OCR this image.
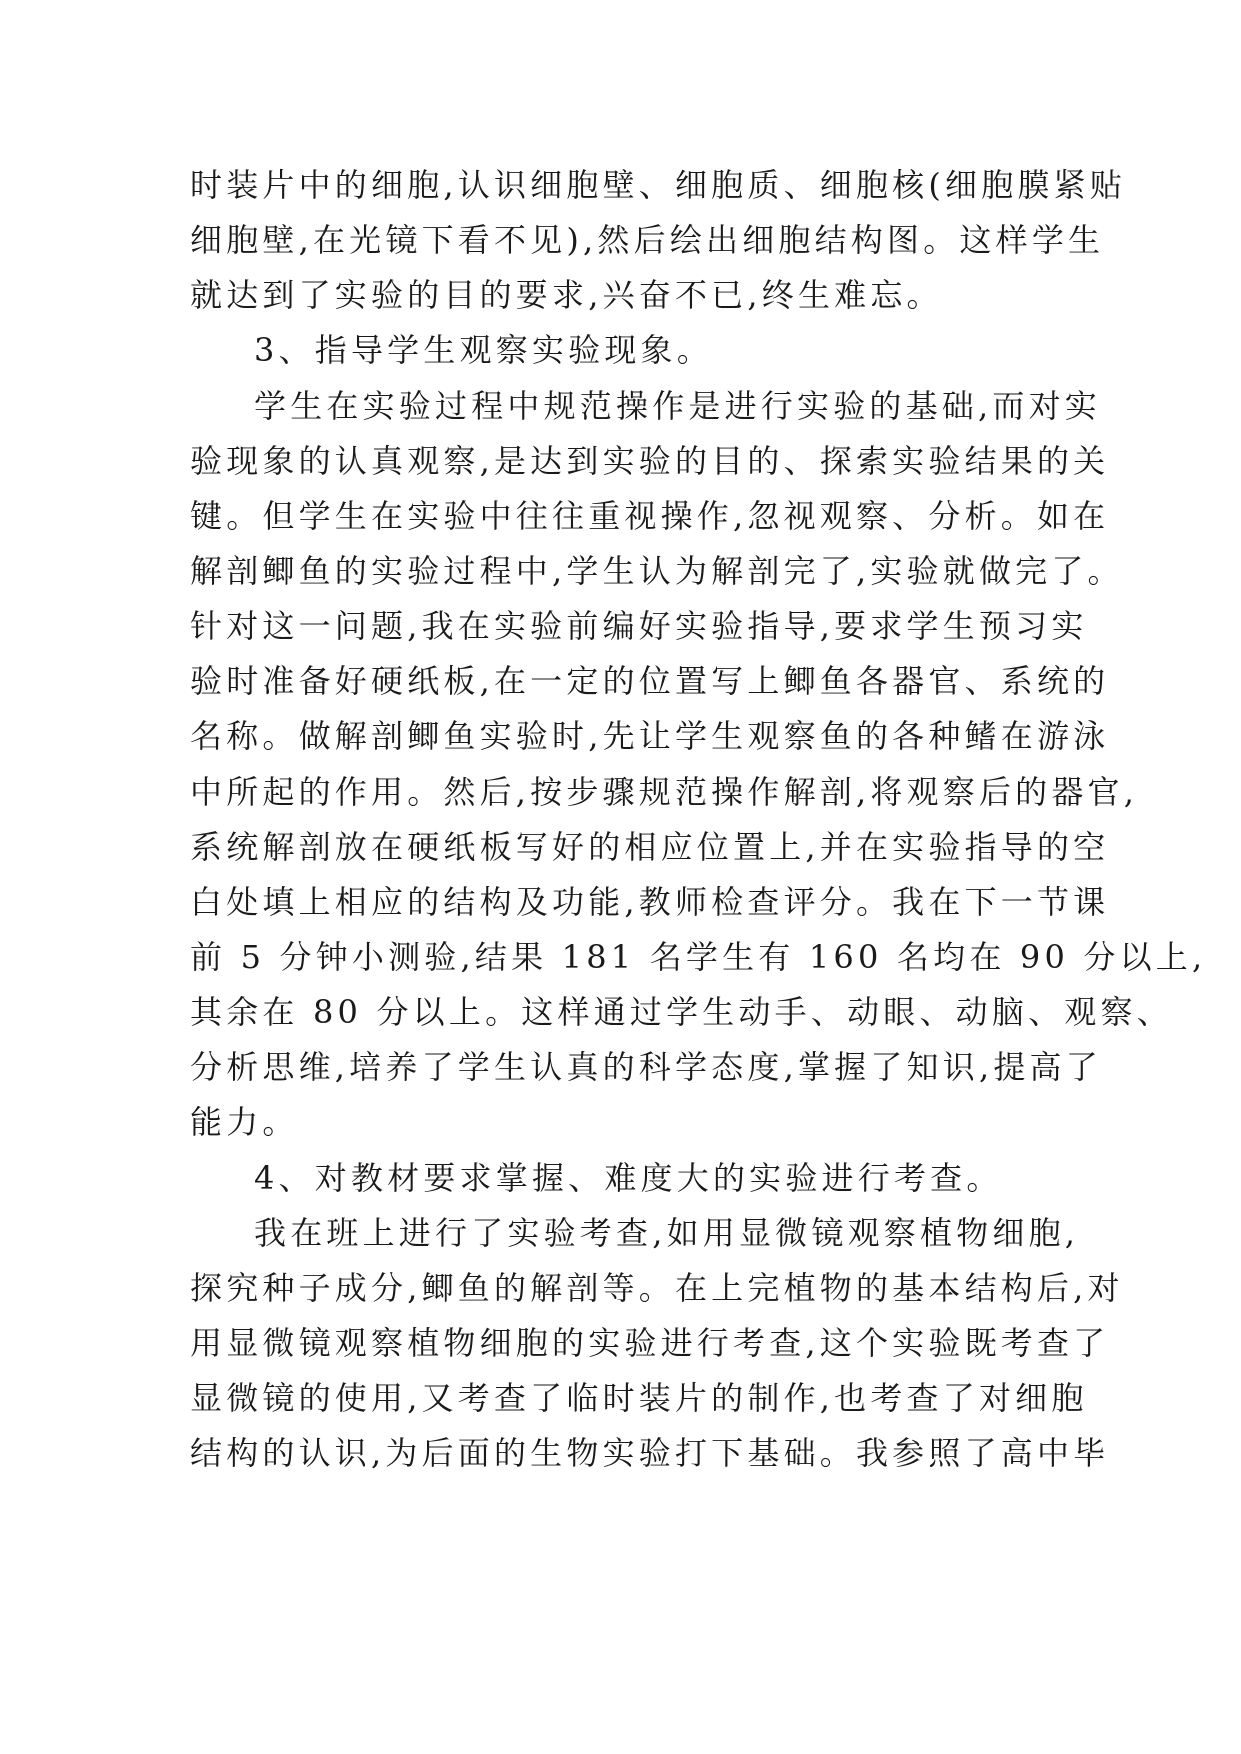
时装片中的细胞,认识细胞壁、细胞质、细胞核(细胞膜紧贴
细胞壁,在光镜下看不见),然后绘出细胞结构图。这样学生
就达到了实验的目的要求,兴奋不已,终生难忘。
3、指导学生观察实验现象。
学生在实验过程中规范操作是进行实验的基础,而对实
验现象的认真观察,是达到实验的目的、探索实验结果的关
键。但学生在实验中往往重视操作,忽视观察、分析。如在
解剖鲫鱼的实验过程中,学生认为解剖完了,实验就做完了。
针对这一问题,我在实验前编好实验指导,要求学生预习实
验时准备好硬纸板,在一定的位置写上鲫鱼各器官、系统的
名称。做解剖鲫鱼实验时,先让学生观察鱼的各种鳍在游泳
中所起的作用。然后,按步骤规范操作解剖,将观察后的器官,
系统解剖放在硬纸板写好的相应位置上,并在实验指导的空
白处填上相应的结构及功能,教师检查评分。我在下一节课
前 5 分钟小测验,结果 181 名学生有 160 名均在 90 分以上,
其余在 80 分以上。这样通过学生动手、动眼、动脑、观察、
分析思维,培养了学生认真的科学态度,掌握了知识,提高了
能力。
4、对教材要求掌握、难度大的实验进行考查。
我在班上进行了实验考查,如用显微镜观察植物细胞,
探究种子成分,鲫鱼的解剖等。在上完植物的基本结构后,对
用显微镜观察植物细胞的实验进行考查,这个实验既考查了
显微镜的使用,又考查了临时装片的制作,也考查了对细胞
结构的认识,为后面的生物实验打下基础。我参照了高中毕
